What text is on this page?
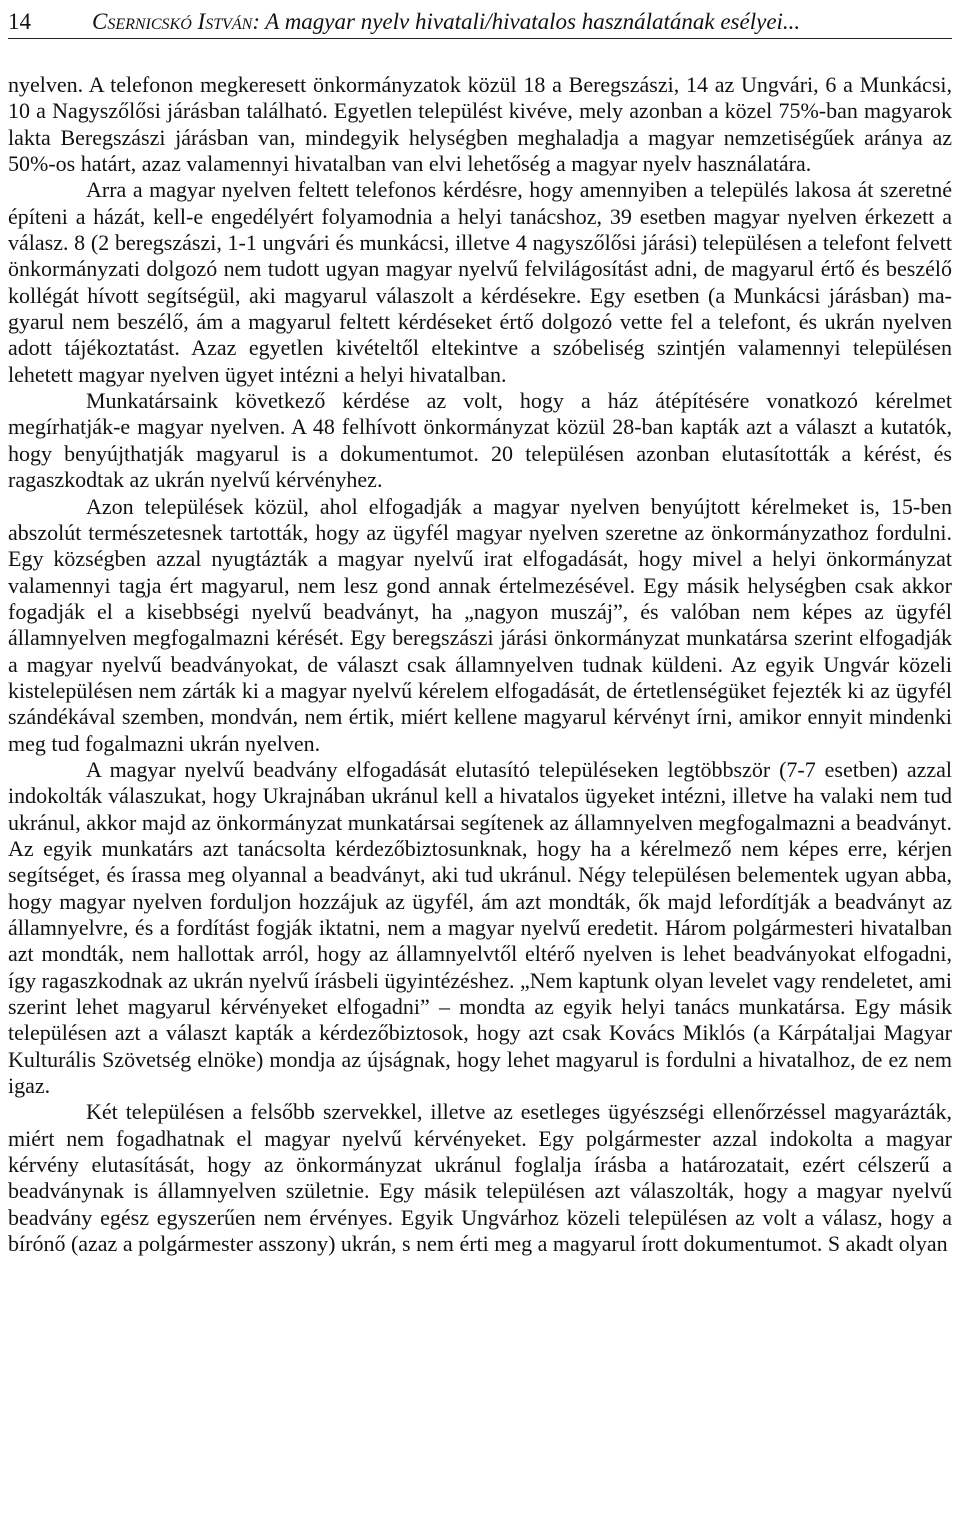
14	Csernicskó István: A magyar nyelv hivatali/hivatalos használatának esélyei...

nyelven. A telefonon megkeresett önkormányzatok közül 18 a Beregszászi, 14 az Ungvári, 6 a Munkácsi, 10 a Nagyszőlősi járásban található. Egyetlen települést kivéve, mely azonban a közel 75%-ban magyarok lakta Beregszászi járásban van, mindegyik helységben meghaladja a magyar nemzetiségűek aránya az 50%-os határt, azaz valamennyi hivatalban van elvi lehetőség a magyar nyelv használatára.

Arra a magyar nyelven feltett telefonos kérdésre, hogy amennyiben a település lakosa át szeretné építeni a házát, kell-e engedélyért folyamodnia a helyi tanácshoz, 39 esetben magyar nyelven érkezett a válasz. 8 (2 beregszászi, 1-1 ungvári és munkácsi, illetve 4 nagyszőlősi járási) településen a telefont felvett önkormányzati dolgozó nem tudott ugyan magyar nyelvű felvilágosítást adni, de magyarul értő és beszélő kollégát hívott segítségül, aki magyarul válaszolt a kérdésekre. Egy esetben (a Munkácsi járásban) magyarul nem beszélő, ám a magyarul feltett kérdéseket értő dolgozó vette fel a telefont, és ukrán nyelven adott tájékoztatást. Azaz egyetlen kivételtől eltekintve a szóbeliség szintjén valamennyi településen lehetett magyar nyelven ügyet intézni a helyi hivatalban.

Munkatársaink következő kérdése az volt, hogy a ház átépítésére vonatkozó kérelmet megírhatják-e magyar nyelven. A 48 felhívott önkormányzat közül 28-ban kapták azt a választ a kutatók, hogy benyújthatják magyarul is a dokumentumot. 20 településen azonban elutasították a kérést, és ragaszkodtak az ukrán nyelvű kérvényhez.

Azon települések közül, ahol elfogadják a magyar nyelven benyújtott kérelmeket is, 15-ben abszolút természetesnek tartották, hogy az ügyfél magyar nyelven szeretne az önkormányzathoz fordulni. Egy községben azzal nyugtázták a magyar nyelvű irat elfogadását, hogy mivel a helyi önkormányzat valamennyi tagja ért magyarul, nem lesz gond annak értelmezésével. Egy másik helységben csak akkor fogadják el a kisebbségi nyelvű beadványt, ha „nagyon muszáj”, és valóban nem képes az ügyfél államnyelven megfogalmazni kérését. Egy beregszászi járási önkormányzat munkatársa szerint elfogadják a magyar nyelvű beadványokat, de választ csak államnyelven tudnak küldeni. Az egyik Ungvár közeli kistelepülésen nem zárták ki a magyar nyelvű kérelem elfogadását, de értetlenségüket fejezték ki az ügyfél szándékával szemben, mondván, nem értik, miért kellene magyarul kérvényt írni, amikor ennyit mindenki meg tud fogalmazni ukrán nyelven.

A magyar nyelvű beadvány elfogadását elutasító településeken legtöbbször (7-7 esetben) azzal indokolták válaszukat, hogy Ukrajnában ukránul kell a hivatalos ügyeket intézni, illetve ha valaki nem tud ukránul, akkor majd az önkormányzat munkatársai segítenek az államnyelven megfogalmazni a beadványt. Az egyik munkatárs azt tanácsolta kérdezőbiztosunknak, hogy ha a kérelmező nem képes erre, kérjen segítséget, és írassa meg olyannal a beadványt, aki tud ukránul. Négy településen belementek ugyan abba, hogy magyar nyelven forduljon hozzájuk az ügyfél, ám azt mondták, ők majd lefordítják a beadványt az államnyelvre, és a fordítást fogják iktatni, nem a magyar nyelvű eredetit. Három polgármesteri hivatalban azt mondták, nem hallottak arról, hogy az államnyelvtől eltérő nyelven is lehet beadványokat elfogadni, így ragaszkodnak az ukrán nyelvű írásbeli ügyintézéshez. „Nem kaptunk olyan levelet vagy rendeletet, ami szerint lehet magyarul kérvényeket elfogadni” – mondta az egyik helyi tanács munkatársa. Egy másik településen azt a választ kapták a kérdezőbiztosok, hogy azt csak Kovács Miklós (a Kárpátaljai Magyar Kulturális Szövetség elnöke) mondja az újságnak, hogy lehet magyarul is fordulni a hivatalhoz, de ez nem igaz.

Két településen a felsőbb szervekkel, illetve az esetleges ügyészségi ellenőrzéssel magyarázták, miért nem fogadhatnak el magyar nyelvű kérvényeket. Egy polgármester azzal indokolta a magyar kérvény elutasítását, hogy az önkormányzat ukránul foglalja írásba a határozatait, ezért célszerű a beadványnak is államnyelven születnie. Egy másik településen azt válaszolták, hogy a magyar nyelvű beadvány egész egyszerűen nem érvényes. Egyik Ungvárhoz közeli településen az volt a válasz, hogy a bírónő (azaz a polgármester asszony) ukrán, s nem érti meg a magyarul írott dokumentumot. S akadt olyan
